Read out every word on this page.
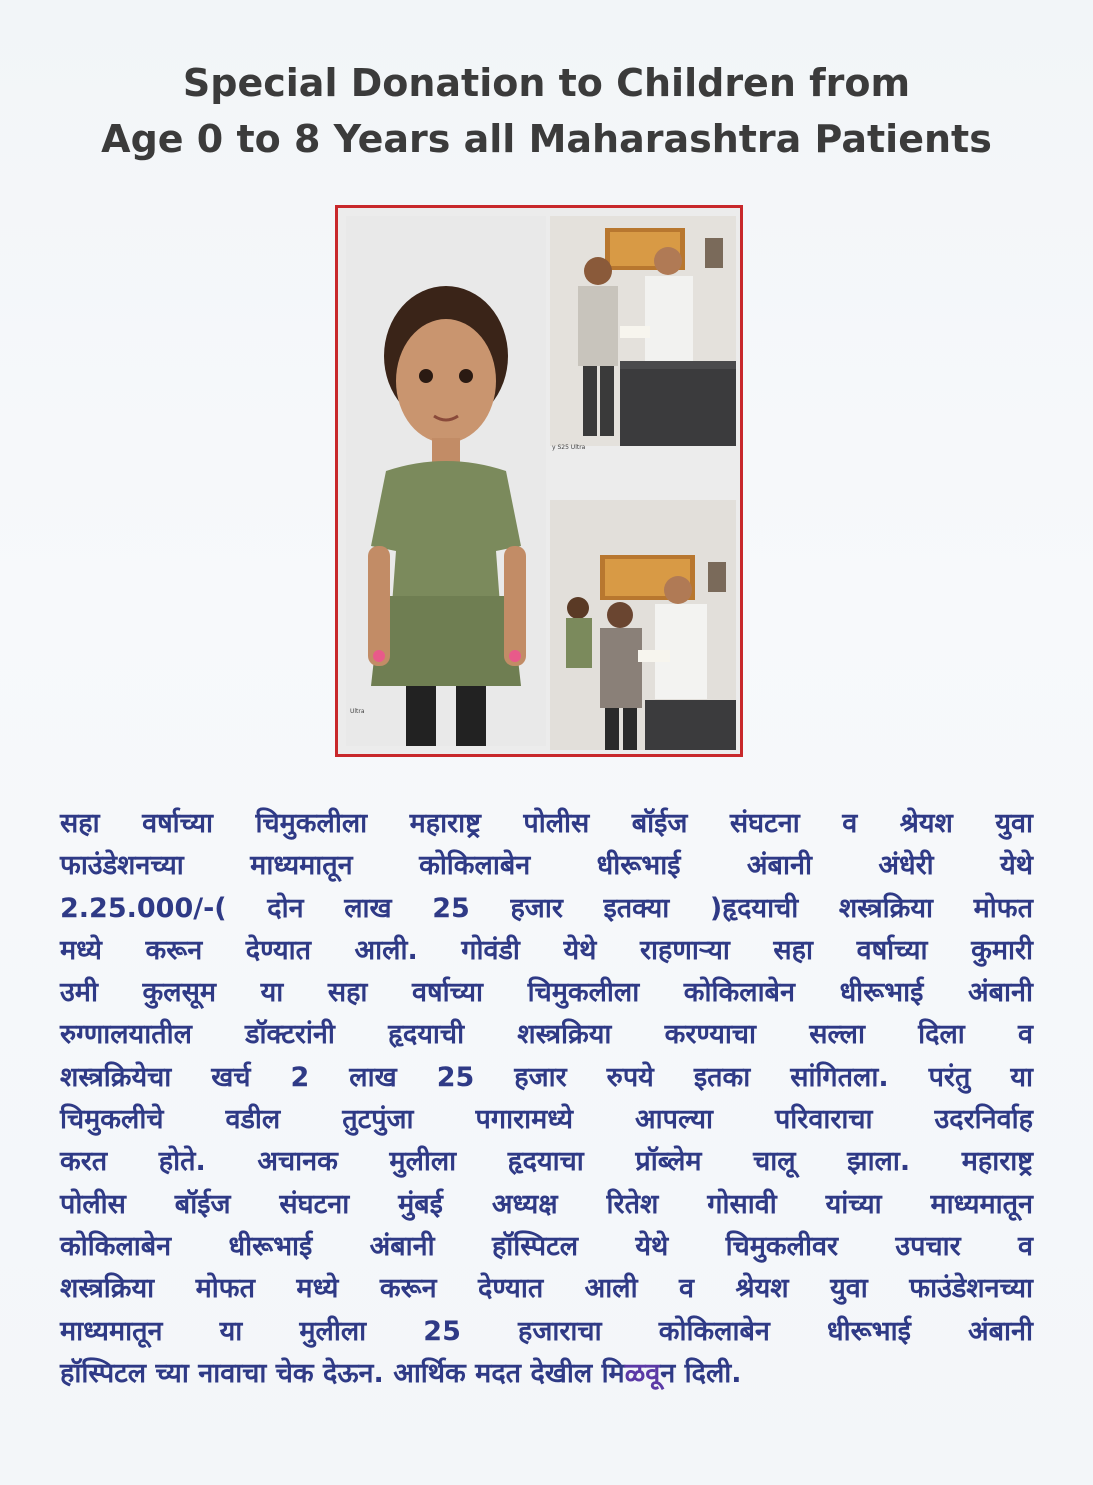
Special Donation to Children from
Age 0 to 8 Years all Maharashtra Patients
Ultra
y S25 Ultra
सहा वर्षाच्या चिमुकलीला महाराष्ट्र पोलीस बॉईज संघटना व श्रेयश युवा
फाउंडेशनच्या माध्यमातून कोकिलाबेन धीरूभाई अंबानी अंधेरी येथे
2.25.000/-( दोन लाख 25 हजार इतक्या )हृदयाची शस्त्रक्रिया मोफत
मध्ये करून देण्यात आली. गोवंडी येथे राहणाऱ्या सहा वर्षाच्या कुमारी
उमी कुलसूम या सहा वर्षाच्या चिमुकलीला कोकिलाबेन धीरूभाई अंबानी
रुग्णालयातील डॉक्टरांनी हृदयाची शस्त्रक्रिया करण्याचा सल्ला दिला व
शस्त्रक्रियेचा खर्च 2 लाख 25 हजार रुपये इतका सांगितला. परंतु या
चिमुकलीचे वडील तुटपुंजा पगारामध्ये आपल्या परिवाराचा उदरनिर्वाह
करत होते. अचानक मुलीला हृदयाचा प्रॉब्लेम चालू झाला. महाराष्ट्र
पोलीस बॉईज संघटना मुंबई अध्यक्ष रितेश गोसावी यांच्या माध्यमातून
कोकिलाबेन धीरूभाई अंबानी हॉस्पिटल येथे चिमुकलीवर उपचार व
शस्त्रक्रिया मोफत मध्ये करून देण्यात आली व श्रेयश युवा फाउंडेशनच्या
माध्यमातून या मुलीला 25 हजाराचा कोकिलाबेन धीरूभाई अंबानी
हॉस्पिटल च्या नावाचा चेक देऊन. आर्थिक मदत देखील मिळवून दिली.
